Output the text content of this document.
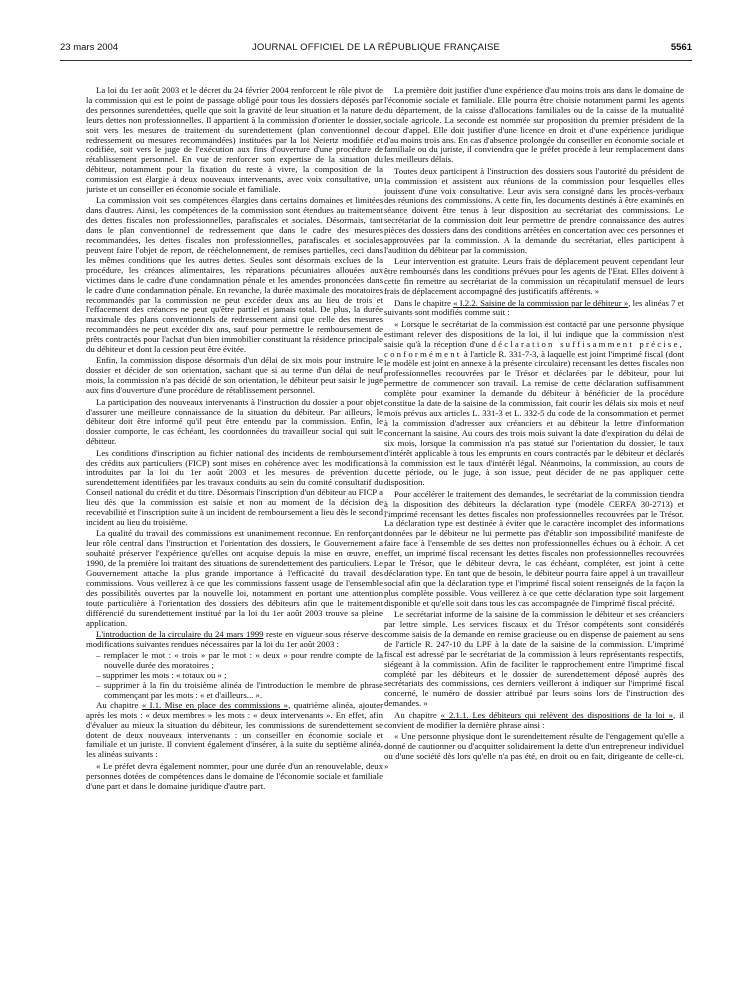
23 mars 2004	JOURNAL OFFICIEL DE LA RÉPUBLIQUE FRANÇAISE	5561

La loi du 1er août 2003 et le décret du 24 février 2004 renforcent le rôle pivot de la commission qui est le point de passage obligé pour tous les dossiers déposés par des personnes surendettées, quelle que soit la gravité de leur situation et la nature de leurs dettes non professionnelles. Il appartient à la commission d'orienter le dossier, soit vers les mesures de traitement du surendettement (plan conventionnel de redressement ou mesures recommandées) instituées par la loi Neiertz modifiée et codifiée, soit vers le juge de l'exécution aux fins d'ouverture d'une procédure de rétablissement personnel. En vue de renforcer son expertise de la situation du débiteur, notamment pour la fixation du reste à vivre, la composition de la commission est élargie à deux nouveaux intervenants, avec voix consultative, un juriste et un conseiller en économie sociale et familiale.

La commission voit ses compétences élargies dans certains domaines et limitées dans d'autres. Ainsi, les compétences de la commission sont étendues au traitement des dettes fiscales non professionnelles, parafiscales et sociales. Désormais, tant dans le plan conventionnel de redressement que dans le cadre des mesures recommandées, les dettes fiscales non professionnelles, parafiscales et sociales peuvent faire l'objet de report, de rééchelonnement, de remises partielles, ceci dans les mêmes conditions que les autres dettes. Seules sont désormais exclues de la procédure, les créances alimentaires, les réparations pécuniaires allouées aux victimes dans le cadre d'une condamnation pénale et les amendes prononcées dans le cadre d'une condamnation pénale. En revanche, la durée maximale des moratoires recommandés par la commission ne peut excéder deux ans au lieu de trois et l'effacement des créances ne peut qu'être partiel et jamais total. De plus, la durée maximale des plans conventionnels de redressement ainsi que celle des mesures recommandées ne peut excéder dix ans, sauf pour permettre le remboursement de prêts contractés pour l'achat d'un bien immobilier constituant la résidence principale du débiteur et dont la cession peut être évitée.

Enfin, la commission dispose désormais d'un délai de six mois pour instruire le dossier et décider de son orientation, sachant que si au terme d'un délai de neuf mois, la commission n'a pas décidé de son orientation, le débiteur peut saisir le juge aux fins d'ouverture d'une procédure de rétablissement personnel.

La participation des nouveaux intervenants à l'instruction du dossier a pour objet d'assurer une meilleure connaissance de la situation du débiteur. Par ailleurs, le débiteur doit être informé qu'il peut être entendu par la commission. Enfin, le dossier comporte, le cas échéant, les coordonnées du travailleur social qui suit le débiteur.

Les conditions d'inscription au fichier national des incidents de remboursement des crédits aux particuliers (FICP) sont mises en cohérence avec les modifications introduites par la loi du 1er août 2003 et les mesures de prévention du surendettement identifiées par les travaux conduits au sein du comité consultatif du Conseil national du crédit et du titre. Désormais l'inscription d'un débiteur au FICP a lieu dès que la commission est saisie et non au moment de la décision de recevabilité et l'inscription suite à un incident de remboursement a lieu dès le second incident au lieu du troisième.

La qualité du travail des commissions est unanimement reconnue. En renforçant leur rôle central dans l'instruction et l'orientation des dossiers, le Gouvernement a souhaité préserver l'expérience qu'elles ont acquise depuis la mise en œuvre, en 1990, de la première loi traitant des situations de surendettement des particuliers. Le Gouvernement attache la plus grande importance à l'efficacité du travail des commissions. Vous veillerez à ce que les commissions fassent usage de l'ensemble des possibilités ouvertes par la nouvelle loi, notamment en portant une attention toute particulière à l'orientation des dossiers des débiteurs afin que le traitement différencié du surendettement institué par la loi du 1er août 2003 trouve sa pleine application.

L'introduction de la circulaire du 24 mars 1999 reste en vigueur sous réserve des modifications suivantes rendues nécessaires par la loi du 1er août 2003 :

– remplacer le mot : « trois » par le mot : « deux » pour rendre compte de la nouvelle durée des moratoires ;
– supprimer les mots : « totaux ou » ;
– supprimer à la fin du troisième alinéa de l'introduction le membre de phrase commençant par les mots : « et d'ailleurs... ».

Au chapitre « I.1. Mise en place des commissions », quatrième alinéa, ajouter après les mots : « deux membres » les mots : « deux intervenants ». En effet, afin d'évaluer au mieux la situation du débiteur, les commissions de surendettement se dotent de deux nouveaux intervenants : un conseiller en économie sociale et familiale et un juriste. Il convient également d'insérer, à la suite du septième alinéa, les alinéas suivants :

« Le préfet devra également nommer, pour une durée d'un an renouvelable, deux personnes dotées de compétences dans le domaine de l'économie sociale et familiale d'une part et dans le domaine juridique d'autre part.

La première doit justifier d'une expérience d'au moins trois ans dans le domaine de l'économie sociale et familiale. Elle pourra être choisie notamment parmi les agents du département, de la caisse d'allocations familiales ou de la caisse de la mutualité sociale agricole. La seconde est nommée sur proposition du premier président de la cour d'appel. Elle doit justifier d'une licence en droit et d'une expérience juridique d'au moins trois ans. En cas d'absence prolongée du conseiller en économie sociale et familiale ou du juriste, il conviendra que le préfet procède à leur remplacement dans les meilleurs délais.

Toutes deux participent à l'instruction des dossiers sous l'autorité du président de la commission et assistent aux réunions de la commission pour lesquelles elles jouissent d'une voix consultative. Leur avis sera consigné dans les procès-verbaux des réunions des commissions. A cette fin, les documents destinés à être examinés en séance doivent être tenus à leur disposition au secrétariat des commissions. Le secrétariat de la commission doit leur permettre de prendre connaissance des autres pièces des dossiers dans des conditions arrêtées en concertation avec ces personnes et approuvées par la commission. A la demande du secrétariat, elles participent à l'audition du débiteur par la commission.

Leur intervention est gratuite. Leurs frais de déplacement peuvent cependant leur être remboursés dans les conditions prévues pour les agents de l'Etat. Elles doivent à cette fin remettre au secrétariat de la commission un récapitulatif mensuel de leurs frais de déplacement accompagné des justificatifs afférents. »

Dans le chapitre « I.2.2. Saisine de la commission par le débiteur », les alinéas 7 et suivants sont modifiés comme suit :

« Lorsque le secrétariat de la commission est contacté par une personne physique estimant relever des dispositions de la loi, il lui indique que la commission n'est saisie qu'à la réception d'une déclaration suffisamment précise, conformément à l'article R. 331-7-3, à laquelle est joint l'imprimé fiscal (dont le modèle est joint en annexe à la présente circulaire) recensant les dettes fiscales non professionnelles recouvrées par le Trésor et déclarées par le débiteur, pour lui permettre de commencer son travail. La remise de cette déclaration suffisamment complète pour examiner la demande du débiteur à bénéficier de la procédure constitue la date de la saisine de la commission, fait courir les délais six mois et neuf mois prévus aux articles L. 331-3 et L. 332-5 du code de la consommation et permet à la commission d'adresser aux créanciers et au débiteur la lettre d'information concernant la saisine. Au cours des trois mois suivant la date d'expiration du délai de six mois, lorsque la commission n'a pas statué sur l'orientation du dossier, le taux d'intérêt applicable à tous les emprunts en cours contractés par le débiteur et déclarés à la commission est le taux d'intérêt légal. Néanmoins, la commission, au cours de cette période, ou le juge, à son issue, peut décider de ne pas appliquer cette disposition.

Pour accélérer le traitement des demandes, le secrétariat de la commission tiendra à la disposition des débiteurs la déclaration type (modèle CERFA 30-2713) et l'imprimé recensant les dettes fiscales non professionnelles recouvrées par le Trésor. La déclaration type est destinée à éviter que le caractère incomplet des informations données par le débiteur ne lui permette pas d'établir son impossibilité manifeste de faire face à l'ensemble de ses dettes non professionnelles échues ou à échoir. A cet effet, un imprimé fiscal recensant les dettes fiscales non professionnelles recouvrées par le Trésor, que le débiteur devra, le cas échéant, compléter, est joint à cette déclaration type. En tant que de besoin, le débiteur pourra faire appel à un travailleur social afin que la déclaration type et l'imprimé fiscal soient renseignés de la façon la plus complète possible. Vous veillerez à ce que cette déclaration type soit largement disponible et qu'elle soit dans tous les cas accompagnée de l'imprimé fiscal précité.

Le secrétariat informe de la saisine de la commission le débiteur et ses créanciers par lettre simple. Les services fiscaux et du Trésor compétents sont considérés comme saisis de la demande en remise gracieuse ou en dispense de paiement au sens de l'article R. 247-10 du LPF à la date de la saisine de la commission. L'imprimé fiscal est adressé par le secrétariat de la commission à leurs représentants respectifs, siégeant à la commission. Afin de faciliter le rapprochement entre l'imprimé fiscal complété par les débiteurs et le dossier de surendettement déposé auprès des secrétariats des commissions, ces derniers veilleront à indiquer sur l'imprimé fiscal concerné, le numéro de dossier attribué par leurs soins lors de l'instruction des demandes. »

Au chapitre « 2.1.1. Les débiteurs qui relèvent des dispositions de la loi », il convient de modifier la dernière phrase ainsi :

« Une personne physique dont le surendettement résulte de l'engagement qu'elle a donné de cautionner ou d'acquitter solidairement la dette d'un entrepreneur individuel ou d'une société dès lors qu'elle n'a pas été, en droit ou en fait, dirigeante de celle-ci. »
